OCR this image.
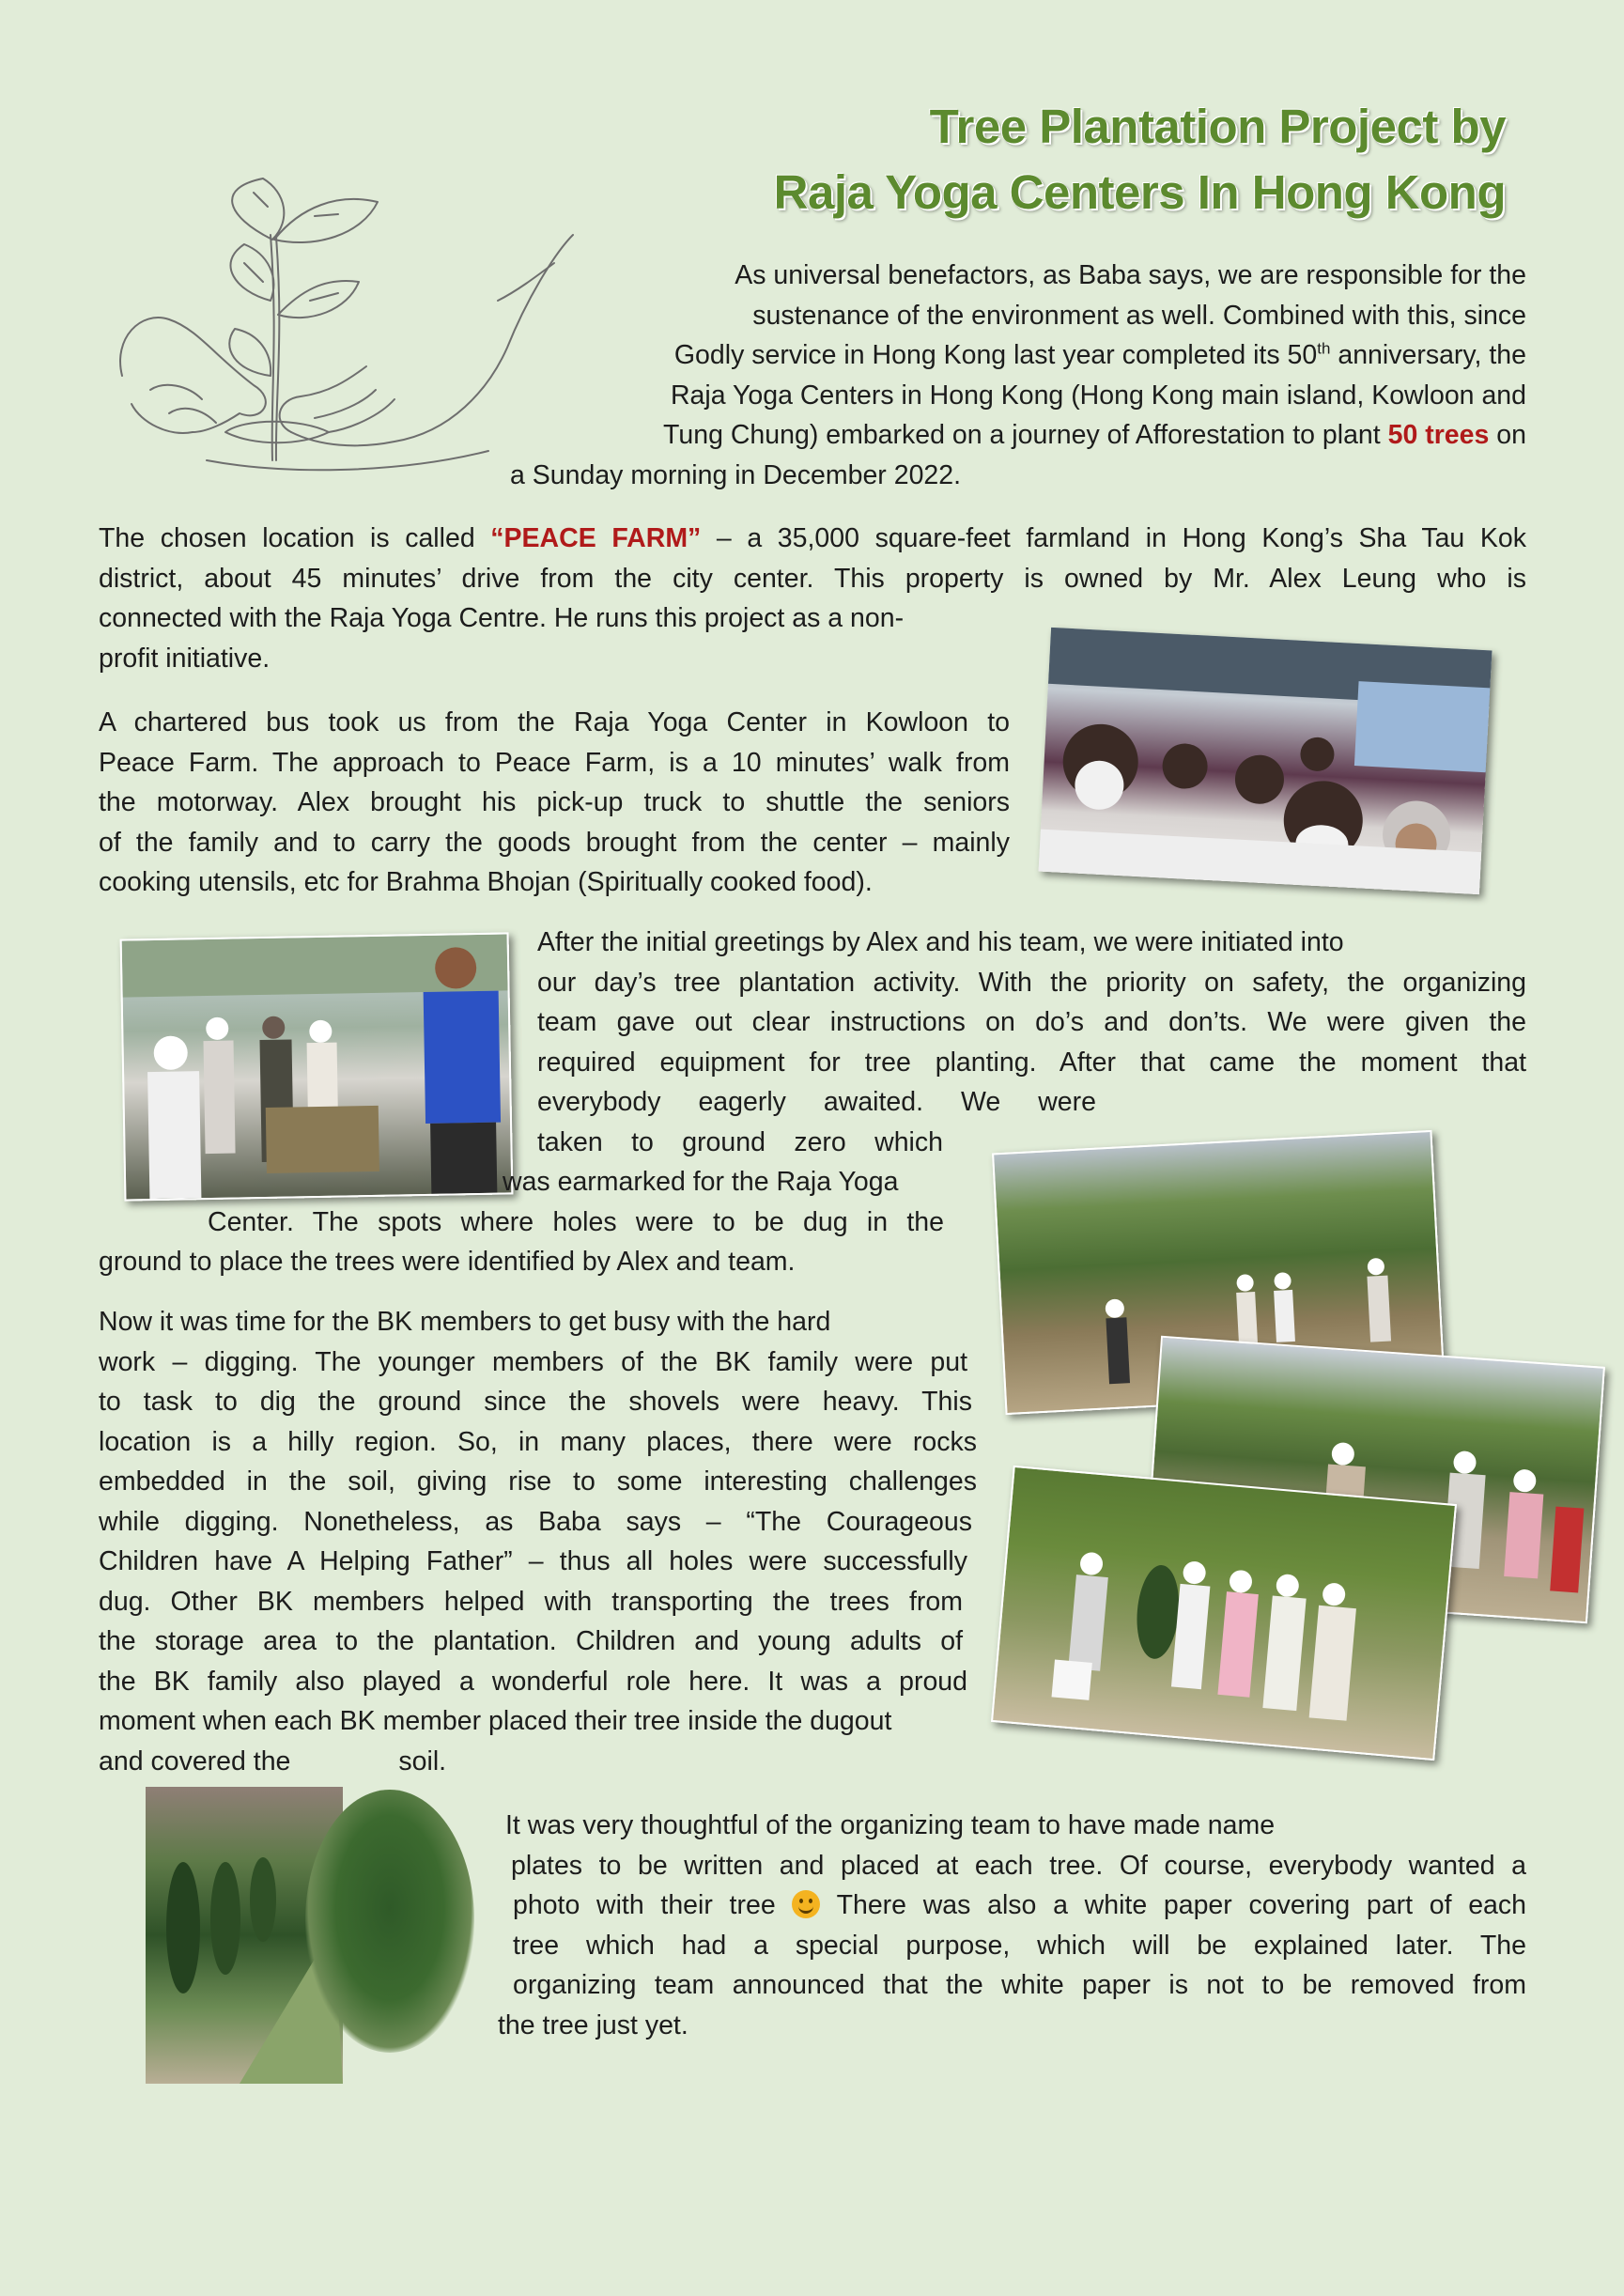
Tree Plantation Project by
Raja Yoga Centers In Hong Kong
As universal benefactors, as Baba says, we are responsible for the
sustenance of the environment as well. Combined with this, since
Godly service in Hong Kong last year completed its 50th anniversary, the
Raja Yoga Centers in Hong Kong (Hong Kong main island, Kowloon and
Tung Chung) embarked on a journey of Afforestation to plant 50 trees on
a Sunday morning in December 2022.
The chosen location is called “PEACE FARM” – a 35,000 square-feet farmland in Hong Kong’s Sha Tau Kok
district, about 45 minutes’ drive from the city center. This property is owned by Mr. Alex Leung who is
connected with the Raja Yoga Centre. He runs this project as a non-
profit initiative.
A chartered bus took us from the Raja Yoga Center in Kowloon to
Peace Farm. The approach to Peace Farm, is a 10 minutes’ walk from
the motorway. Alex brought his pick-up truck to shuttle the seniors
of the family and to carry the goods brought from the center – mainly
cooking utensils, etc for Brahma Bhojan (Spiritually cooked food).
After the initial greetings by Alex and his team, we were initiated into
our day’s tree plantation activity. With the priority on safety, the organizing
team gave out clear instructions on do’s and don’ts. We were given the
required equipment for tree planting. After that came the moment that
everybody eagerly awaited. We were
taken to ground zero which
was earmarked for the Raja Yoga
Center. The spots where holes were to be dug in the
ground to place the trees were identified by Alex and team.
Now it was time for the BK members to get busy with the hard
work – digging. The younger members of the BK family were put
to task to dig the ground since the shovels were heavy. This
location is a hilly region. So, in many places, there were rocks
embedded in the soil, giving rise to some interesting challenges
while digging. Nonetheless, as Baba says – “The Courageous
Children have A Helping Father” – thus all holes were successfully
dug. Other BK members helped with transporting the trees from
the storage area to the plantation. Children and young adults of
the BK family also played a wonderful role here. It was a proud
moment when each BK member placed their tree inside the dugout
and covered the	soil.
It was very thoughtful of the organizing team to have made name
plates to be written and placed at each tree. Of course, everybody wanted a
photo with their tree  There was also a white paper covering part of each
tree which had a special purpose, which will be explained later. The
organizing team announced that the white paper is not to be removed from
the tree just yet.
